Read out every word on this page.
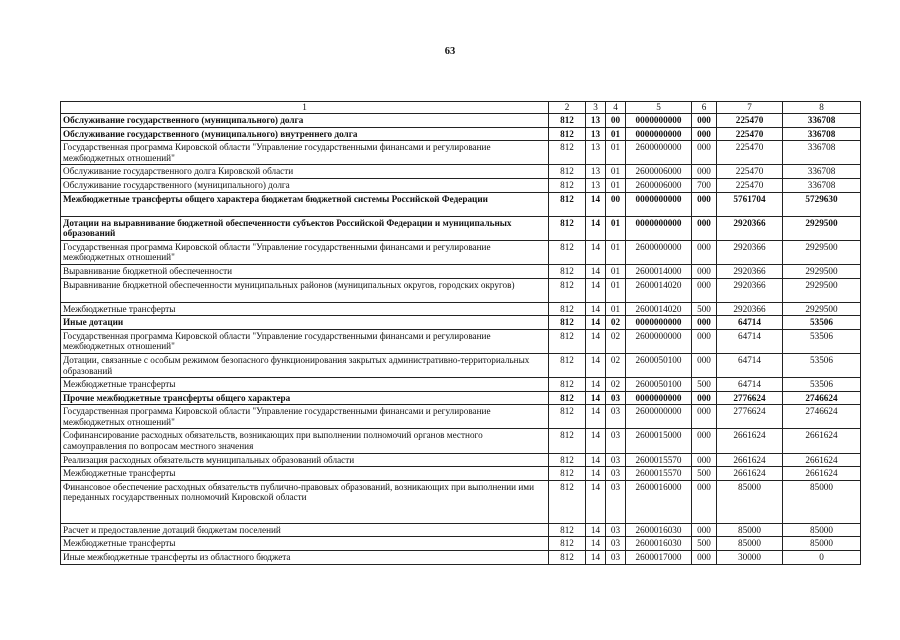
63
1	2	3	4	5	6	7	8
Обслуживание государственного (муниципального) долга	812	13	00	0000000000	000	225470	336708
Обслуживание государственного (муниципального) внутреннего долга	812	13	01	0000000000	000	225470	336708
Государственная программа Кировской области "Управление государственными финансами и регулирование межбюджетных отношений"	812	13	01	2600000000	000	225470	336708
Обслуживание государственного долга Кировской области	812	13	01	2600006000	000	225470	336708
Обслуживание государственного (муниципального) долга	812	13	01	2600006000	700	225470	336708
Межбюджетные трансферты общего характера бюджетам бюджетной системы Российской Федерации	812	14	00	0000000000	000	5761704	5729630
Дотации на выравнивание бюджетной обеспеченности субъектов Российской Федерации и муниципальных образований	812	14	01	0000000000	000	2920366	2929500
Государственная программа Кировской области "Управление государственными финансами и регулирование межбюджетных отношений"	812	14	01	2600000000	000	2920366	2929500
Выравнивание бюджетной обеспеченности	812	14	01	2600014000	000	2920366	2929500
Выравнивание бюджетной обеспеченности муниципальных районов (муниципальных округов, городских округов)	812	14	01	2600014020	000	2920366	2929500
Межбюджетные трансферты	812	14	01	2600014020	500	2920366	2929500
Иные дотации	812	14	02	0000000000	000	64714	53506
Государственная программа Кировской области "Управление государственными финансами и регулирование межбюджетных отношений"	812	14	02	2600000000	000	64714	53506
Дотации, связанные с особым режимом безопасного функционирования закрытых административно-территориальных образований	812	14	02	2600050100	000	64714	53506
Межбюджетные трансферты	812	14	02	2600050100	500	64714	53506
Прочие межбюджетные трансферты общего характера	812	14	03	0000000000	000	2776624	2746624
Государственная программа Кировской области "Управление государственными финансами и регулирование межбюджетных отношений"	812	14	03	2600000000	000	2776624	2746624
Софинансирование расходных обязательств, возникающих при выполнении полномочий органов местного самоуправления по вопросам местного значения	812	14	03	2600015000	000	2661624	2661624
Реализация расходных обязательств муниципальных образований области	812	14	03	2600015570	000	2661624	2661624
Межбюджетные трансферты	812	14	03	2600015570	500	2661624	2661624
Финансовое обеспечение расходных обязательств публично-правовых образований, возникающих при выполнении ими переданных государственных полномочий Кировской области	812	14	03	2600016000	000	85000	85000
Расчет и предоставление дотаций бюджетам поселений	812	14	03	2600016030	000	85000	85000
Межбюджетные трансферты	812	14	03	2600016030	500	85000	85000
Иные межбюджетные трансферты из областного бюджета	812	14	03	2600017000	000	30000	0
